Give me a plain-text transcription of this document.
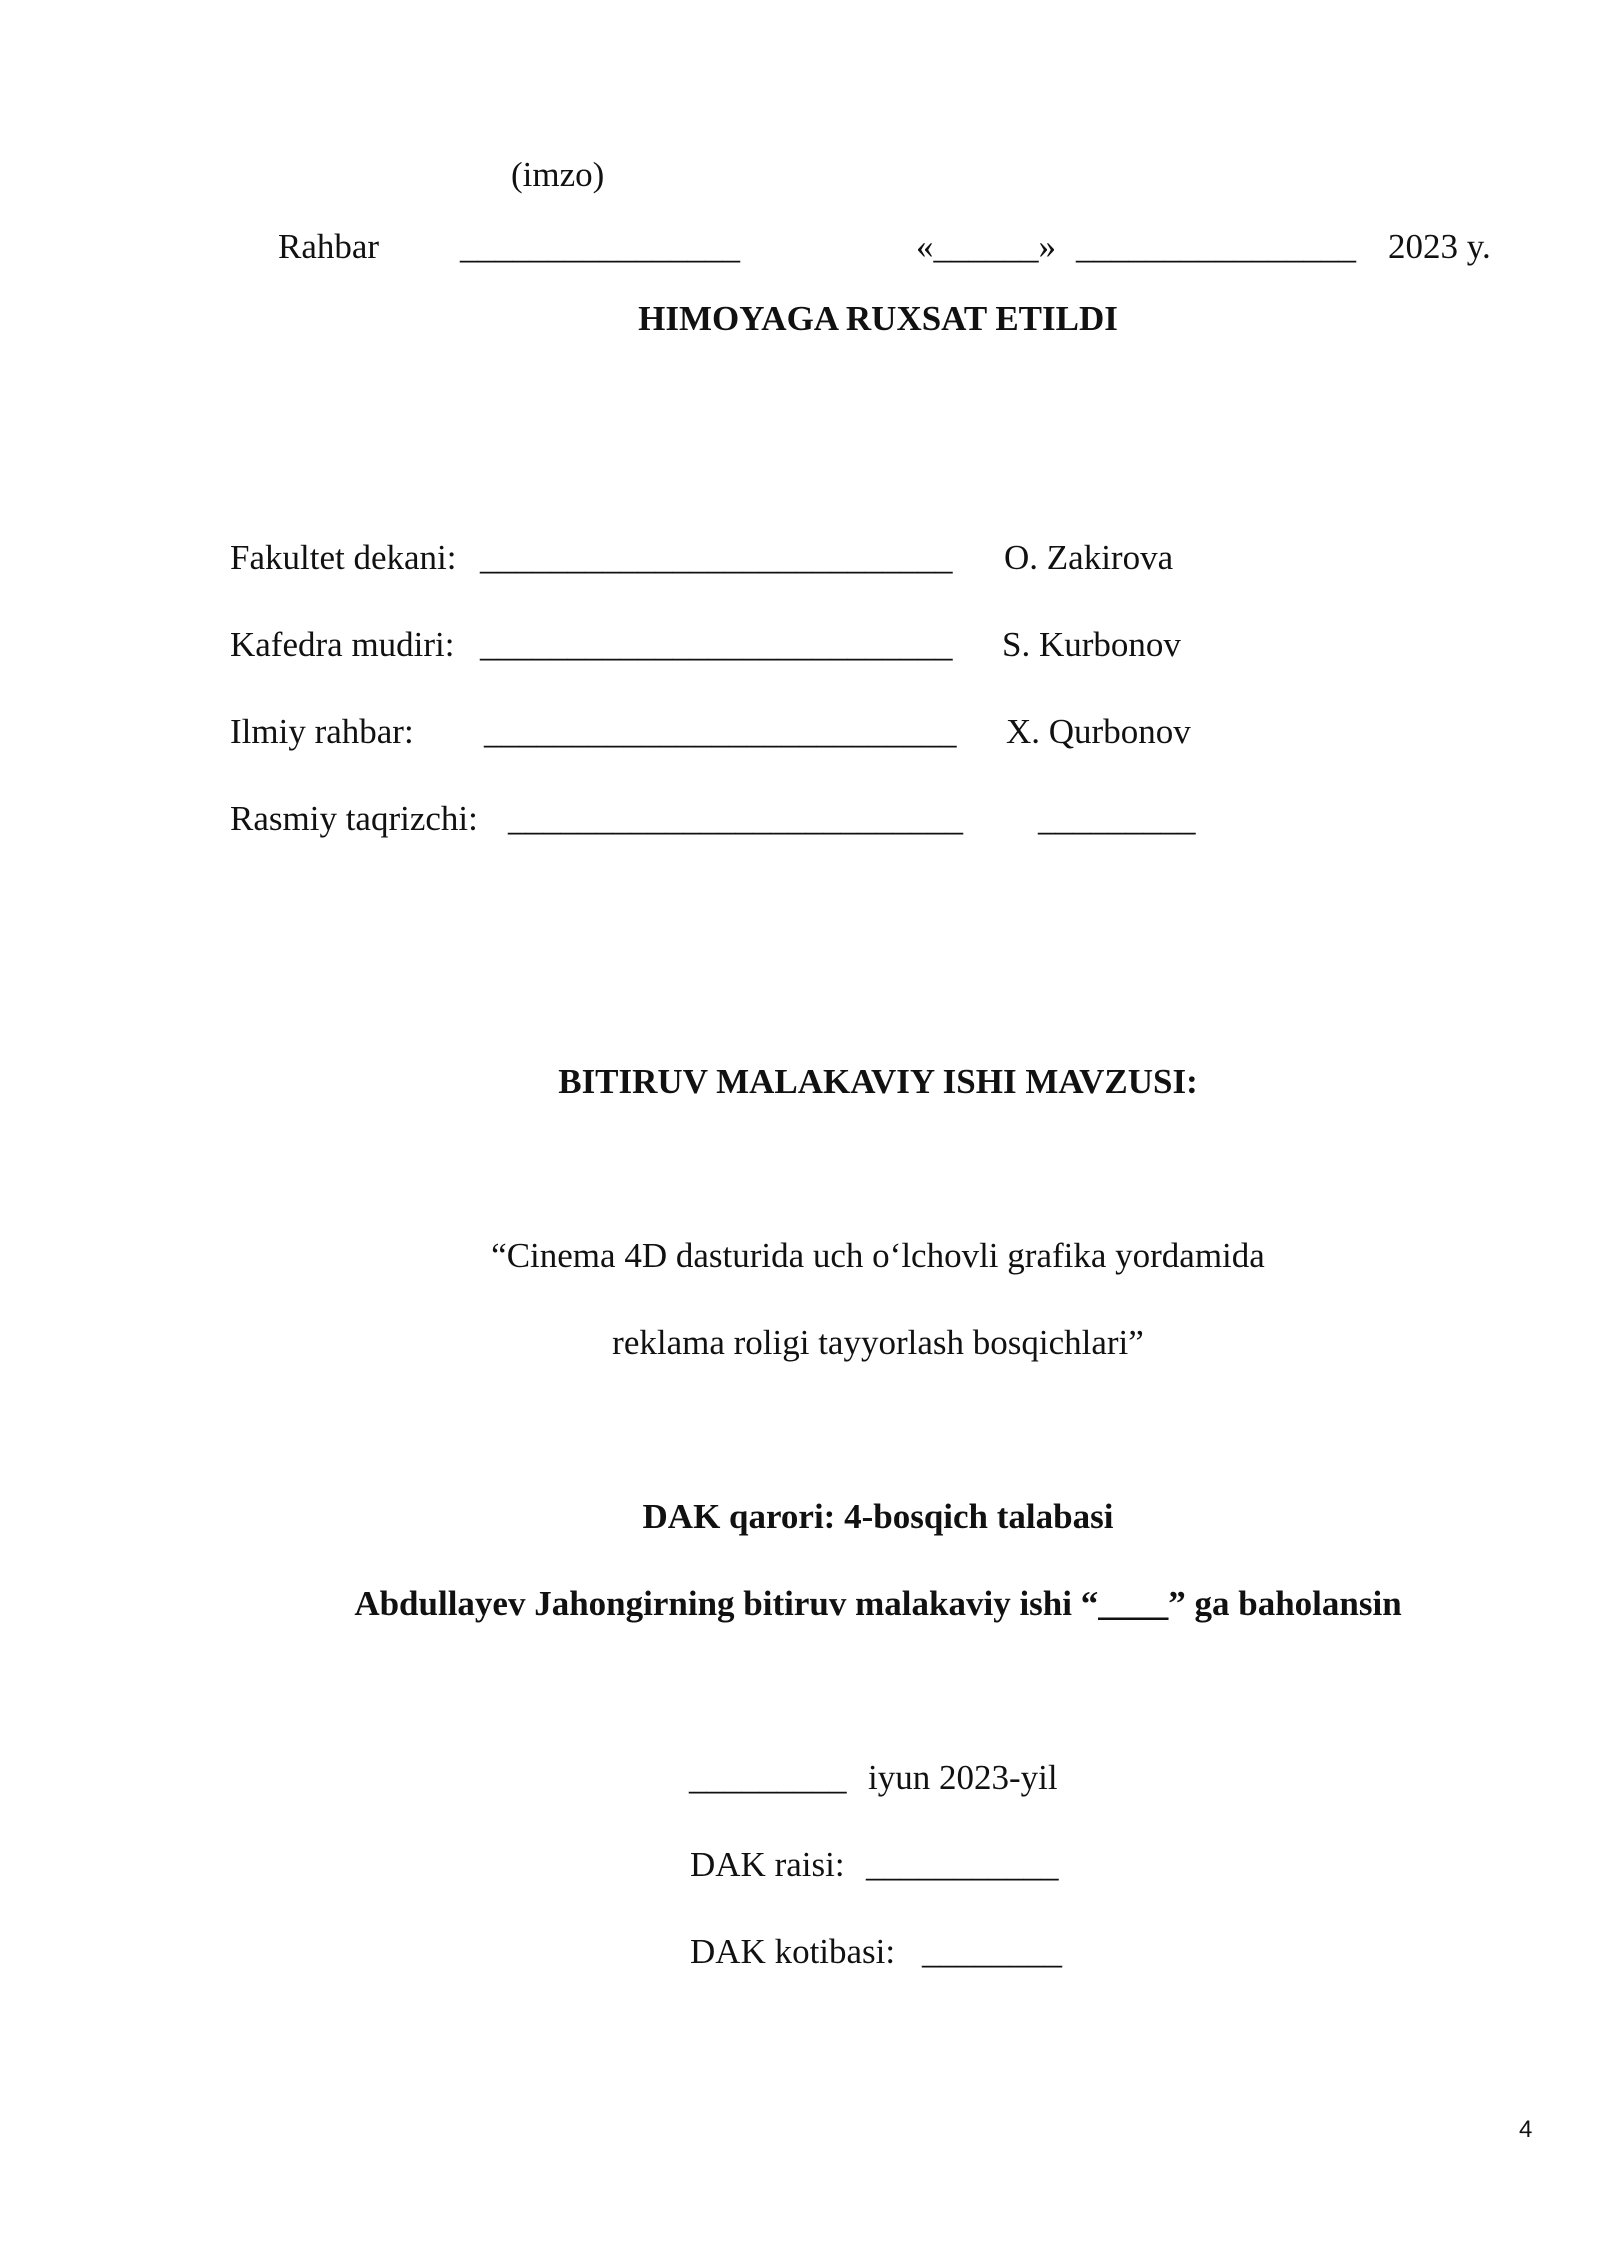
(imzo)
Rahbar ________________	«______» ________________ 2023 y.
HIMOYAGA RUXSAT ETILDI
Fakultet dekani: ___________________________ O. Zakirova
Kafedra mudiri: ___________________________ S. Kurbonov
Ilmiy rahbar: ___________________________ X. Qurbonov
Rasmiy taqrizchi: __________________________ _________
BITIRUV MALAKAVIY ISHI MAVZUSI:
“Cinema 4D dasturida uch o‘lchovli grafika yordamida
reklama roligi tayyorlash bosqichlari”
DAK qarori: 4-bosqich talabasi
Abdullayev Jahongirning bitiruv malakaviy ishi “____” ga baholansin
_________ iyun 2023-yil
DAK raisi: ___________
DAK kotibasi: ________
4
